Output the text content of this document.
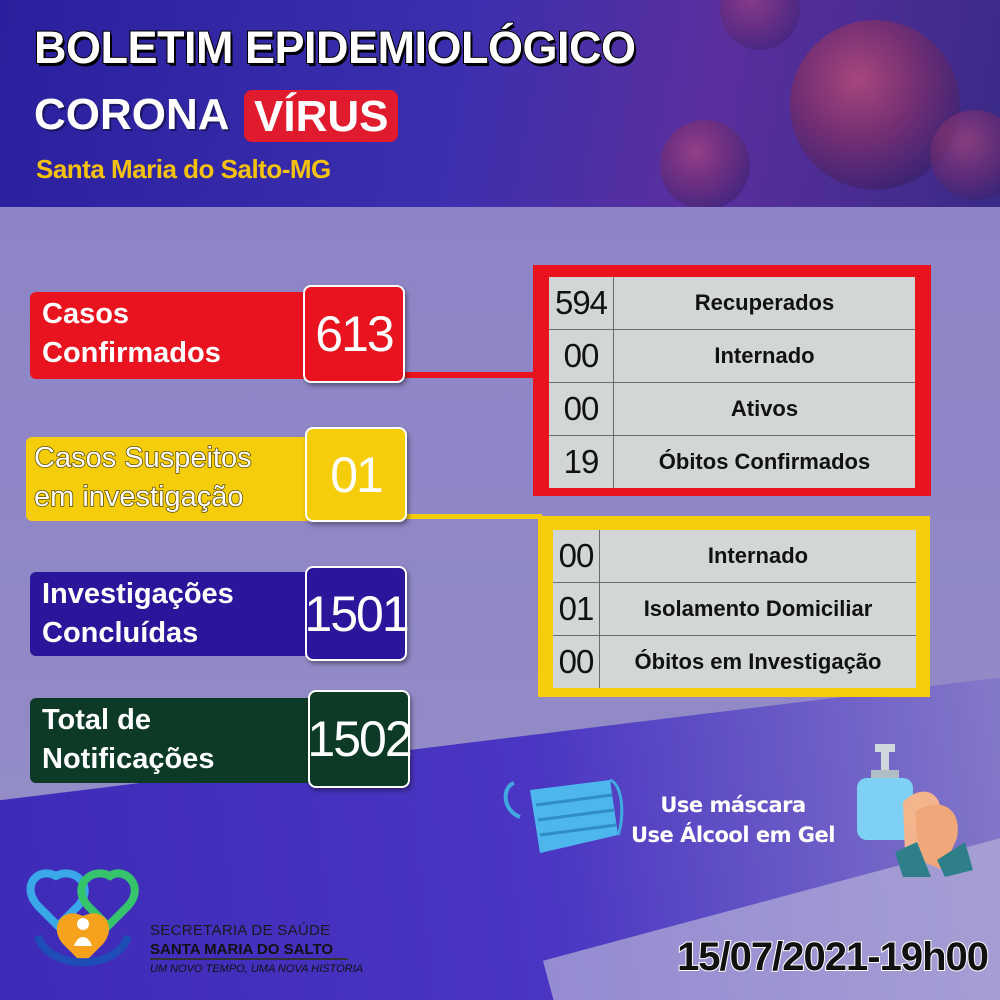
BOLETIM EPIDEMIOLÓGICO
CORONA VÍRUS
Santa Maria do Salto-MG
Casos
Confirmados	613
Casos Suspeitos
em investigação	01
Investigações
Concluídas	1501
Total de
Notificações	1502
594	Recuperados
00	Internado
00	Ativos
19	Óbitos Confirmados
00	Internado
01	Isolamento Domiciliar
00	Óbitos em Investigação
Use máscara
Use Álcool em Gel
SECRETARIA DE SAÚDE
SANTA MARIA DO SALTO
UM NOVO TEMPO, UMA NOVA HISTÓRIA	15/07/2021-19h00
